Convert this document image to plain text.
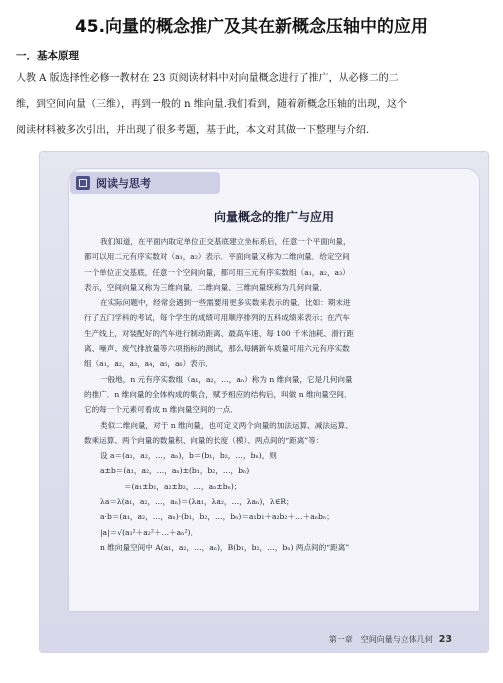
45.向量的概念推广及其在新概念压轴中的应用
一．基本原理
人教 A 版选择性必修一教材在 23 页阅读材料中对向量概念进行了推广，从必修二的二
维，到空间向量（三维），再到一般的 n 维向量.我们看到，随着新概念压轴的出现，这个
阅读材料被多次引出，并出现了很多考题，基于此，本文对其做一下整理与介绍.
阅读与思考
向量概念的推广与应用
我们知道，在平面内取定单位正交基底建立坐标系后，任意一个平面向量，
都可以用二元有序实数对（a₁，a₂）表示．平面向量又称为二维向量．给定空间
一个单位正交基底，任意一个空间向量，都可用三元有序实数组（a₁，a₂，a₃）
表示，空间向量又称为三维向量．二维向量、三维向量统称为几何向量．
在实际问题中，经常会遇到一些需要用更多实数来表示的量．比如：期末进
行了五门学科的考试，每个学生的成绩可用顺序排列的五科成绩来表示；在汽车
生产线上，对装配好的汽车进行制动距离、最高车速、每 100 千米油耗、滑行距
离、噪声、废气排放量等六项指标的测试，那么每辆新车质量可用六元有序实数
组（a₁，a₂，a₃，a₄，a₅，a₆）表示．
一般地，n 元有序实数组（a₁，a₂，…，aₙ）称为 n 维向量，它是几何向量
的推广．n 维向量的全体构成的集合，赋予相应的结构后，叫做 n 维向量空间．
它的每一个元素可看成 n 维向量空间的一点．
类似二维向量，对于 n 维向量，也可定义两个向量的加法运算、减法运算、
数乘运算、两个向量的数量积、向量的长度（模）、两点间的“距离”等：
设 a＝(a₁，a₂，…，aₙ)，b＝(b₁，b₂，…，bₙ)，则
a±b＝(a₁，a₂，…，aₙ)±(b₁，b₂，…，bₙ)
＝(a₁±b₁，a₂±b₂，…，aₙ±bₙ)；
λa＝λ(a₁，a₂，…，aₙ)＝(λa₁，λa₂，…，λaₙ)，λ∈R；
a·b＝(a₁，a₂，…，aₙ)·(b₁，b₂，…，bₙ)＝a₁b₁＋a₂b₂＋…＋aₙbₙ；
|a|＝√(a₁²＋a₂²＋…＋aₙ²)．
n 维向量空间中 A(a₁，a₂，…，aₙ)，B(b₁，b₂，…，bₙ) 两点间的“距离”
第一章　空间向量与立体几何 23
